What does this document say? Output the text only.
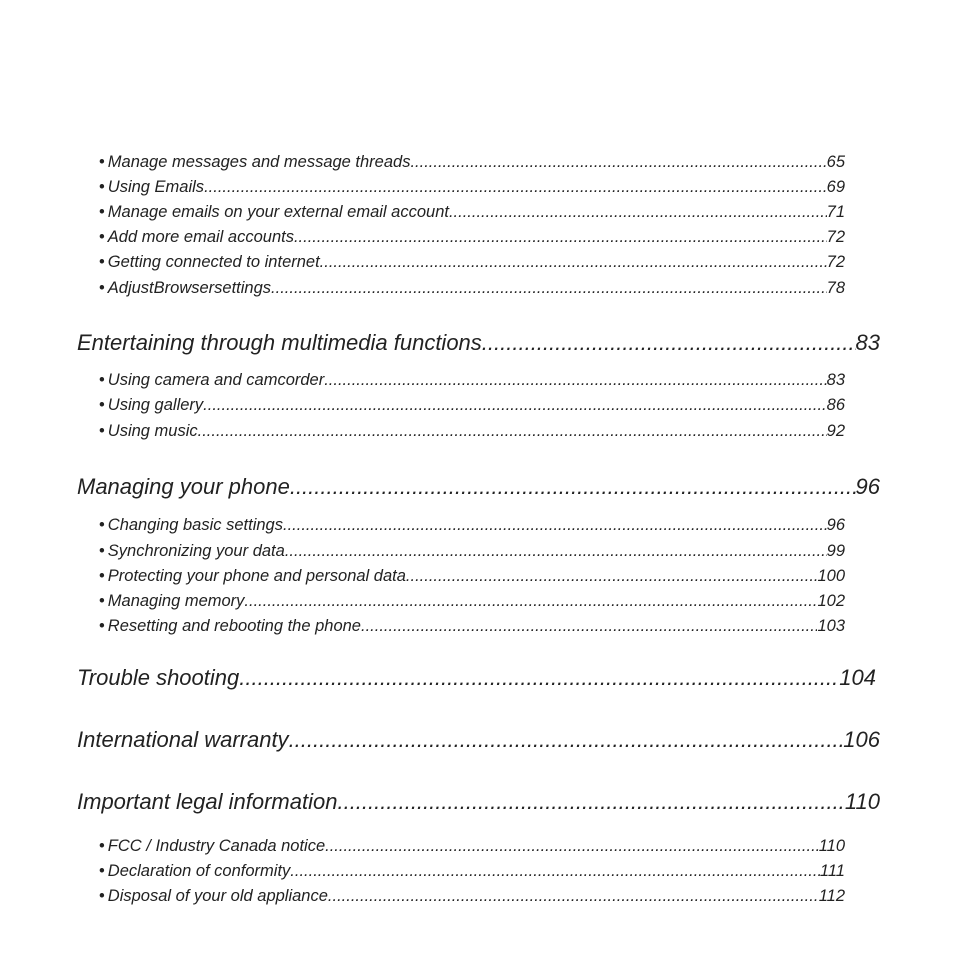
• Manage messages and message threads .....	65
• Using Emails .....	69
• Manage emails on your external email account .....	71
• Add more email accounts .....	72
• Getting connected to internet .....	72
• AdjustBrowsersettings .....	78
Entertaining through multimedia functions .....	83
• Using camera and camcorder .....	83
• Using gallery .....	86
• Using music .....	92
Managing your phone .....	96
• Changing basic settings .....	96
• Synchronizing your data .....	99
• Protecting your phone and personal data .....	100
• Managing memory .....	102
• Resetting and rebooting the phone .....	103
Trouble shooting .....	104
International warranty .....	106
Important legal information .....	110
• FCC / Industry Canada notice .....	110
• Declaration of conformity .....	111
• Disposal of your old appliance .....	112
